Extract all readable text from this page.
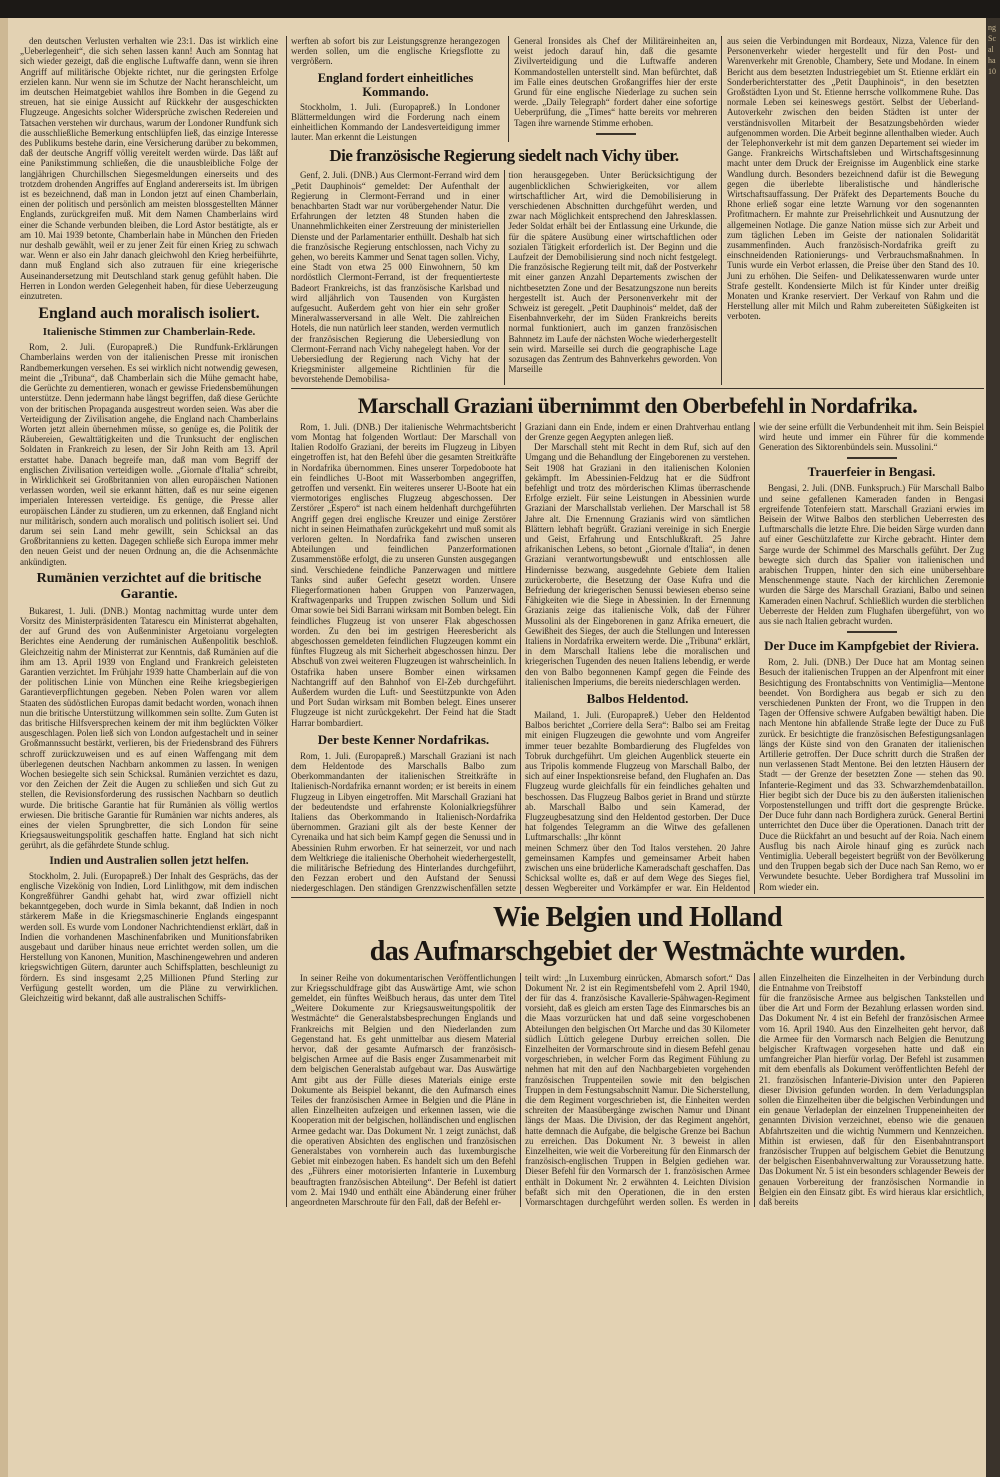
ng Sc al ha 10

den deutschen Verlusten verhalten wie 23:1. Das ist wirklich eine „Ueberlegenheit“, die sich sehen lassen kann! Auch am Sonntag hat sich wieder gezeigt, daß die englische Luftwaffe dann, wenn sie ihren Angriff auf militärische Objekte richtet, nur die geringsten Erfolge erzielen kann. Nur wenn sie im Schutze der Nacht heranschleicht, um im deutschen Heimatgebiet wahllos ihre Bomben in die Gegend zu streuen, hat sie einige Aussicht auf Rückkehr der ausgeschickten Flugzeuge. Angesichts solcher Widersprüche zwischen Redereien und Tatsachen verstehen wir durchaus, warum der Londoner Rundfunk sich die ausschließliche Bemerkung entschlüpfen ließ, das einzige Interesse des Publikums bestehe darin, eine Versicherung darüber zu bekommen, daß der deutsche Angriff völlig vereitelt werden würde. Das läßt auf eine Panikstimmung schließen, die die unausbleibliche Folge der langjährigen Churchillschen Siegesmeldungen einerseits und des trotzdem drohenden Angriffes auf England andererseits ist. Im übrigen ist es bezeichnend, daß man in London jetzt auf einen Chamberlain, einen der politisch und persönlich am meisten blossgestellten Männer Englands, zurückgreifen muß. Mit dem Namen Chamberlains wird einer die Schande verbunden bleiben, die Lord Astor bestätigte, als er am 10. Mai 1939 betonte, Chamberlain habe in München den Frieden nur deshalb gewählt, weil er zu jener Zeit für einen Krieg zu schwach war. Wenn er also ein Jahr danach gleichwohl den Krieg herbeiführte, dann muß England sich also zutrauen für eine kriegerische Auseinandersetzung mit Deutschland stark genug gefühlt haben. Die Herren in London werden Gelegenheit haben, für diese Ueberzeugung einzutreten.

England auch moralisch isoliert.
Italienische Stimmen zur Chamberlain-Rede.

Rom, 2. Juli. (Europapreß.) Die Rundfunk-Erklärungen Chamberlains werden von der italienischen Presse mit ironischen Randbemerkungen versehen. Es sei wirklich nicht notwendig gewesen, meint die „Tribuna“, daß Chamberlain sich die Mühe gemacht habe, die Gerüchte zu dementieren, wonach er gewisse Friedensbemühungen unterstütze. Denn jedermann habe längst begriffen, daß diese Gerüchte von der britischen Propaganda ausgestreut worden seien. Was aber die Verteidigung der Zivilisation angehe, die England nach Chamberlains Worten jetzt allein übernehmen müsse, so genüge es, die Politik der Räubereien, Gewalttätigkeiten und die Trunksucht der englischen Soldaten in Frankreich zu lesen, der Sir John Reith am 13. April erstattet habe. Danach begreife man, daß man vom Begriff der englischen Zivilisation verteidigen wolle. „Giornale d'Italia“ schreibt, in Wirklichkeit sei Großbritannien von allen europäischen Nationen verlassen worden, weil sie erkannt hätten, daß es nur seine eigenen imperialen Interessen verteidige. Es genüge, die Presse aller europäischen Länder zu studieren, um zu erkennen, daß England nicht nur militärisch, sondern auch moralisch und politisch isoliert sei. Und darum sei sein Land mehr gewillt, sein Schicksal an das Großbritanniens zu ketten. Dagegen schließe sich Europa immer mehr den neuen Geist und der neuen Ordnung an, die die Achsenmächte ankündigten.

Rumänien verzichtet auf die britische Garantie.

Bukarest, 1. Juli. (DNB.) Montag nachmittag wurde unter dem Vorsitz des Ministerpräsidenten Tatarescu ein Ministerrat abgehalten, der auf Grund des von Außenminister Argetoianu vorgelegten Berichtes eine Aenderung der rumänischen Außenpolitik beschloß. Gleichzeitig nahm der Ministerrat zur Kenntnis, daß Rumänien auf die ihm am 13. April 1939 von England und Frankreich geleisteten Garantien verzichtet. Im Frühjahr 1939 hatte Chamberlain auf die von der politischen Linie von München eine Reihe kriegsbegierigen Garantieverpflichtungen gegeben. Neben Polen waren vor allem Staaten des südöstlichen Europas damit bedacht worden, wonach ihnen nun die britische Unterstützung willkommen sein sollte. Zum Guten ist das britische Hilfsversprechen keinem der mit ihm beglückten Völker ausgeschlagen. Polen ließ sich von London aufgestachelt und in seiner Großmannssucht bestärkt, verlieren, bis der Friedensbrand des Führers schroff zurückzuweisen und es auf einen Waffengang mit dem überlegenen deutschen Nachbarn ankommen zu lassen. In wenigen Wochen besiegelte sich sein Schicksal. Rumänien verzichtet es dazu, vor den Zeichen der Zeit die Augen zu schließen und sich Gut zu stellen, die Revisionsforderung des russischen Nachbarn so deutlich wurde. Die britische Garantie hat für Rumänien als völlig wertlos erwiesen. Die britische Garantie für Rumänien war nichts anderes, als eines der vielen Sprungbretter, die sich London für seine Kriegsausweitungspolitik geschaffen hatte. England hat sich nicht gerührt, als die gefährdete Stunde schlug.

Indien und Australien sollen jetzt helfen.

Stockholm, 2. Juli. (Europapreß.) Der Inhalt des Gesprächs, das der englische Vizekönig von Indien, Lord Linlithgow, mit dem indischen Kongreßführer Gandhi gehabt hat, wird zwar offiziell nicht bekanntgegeben, doch wurde in Simla bekannt, daß Indien in noch stärkerem Maße in die Kriegsmaschinerie Englands eingespannt werden soll. Es wurde vom Londoner Nachrichtendienst erklärt, daß in Indien die vorhandenen Maschinenfabriken und Munitionsfabriken ausgebaut und darüber hinaus neue errichtet werden sollen, um die Herstellung von Kanonen, Munition, Maschinengewehren und anderen kriegswichtigen Gütern, darunter auch Schiffsplatten, beschleunigt zu fördern. Es sind insgesamt 2,25 Millionen Pfund Sterling zur Verfügung gestellt worden, um die Pläne zu verwirklichen. Gleichzeitig wird bekannt, daß alle australischen Schiffs-

werften ab sofort bis zur Leistungsgrenze herangezogen werden sollen, um die englische Kriegsflotte zu vergrößern.

England fordert einheitliches Kommando.

Stockholm, 1. Juli. (Europapreß.) In Londoner Blättermeldungen wird die Forderung nach einem einheitlichen Kommando der Landesverteidigung immer lauter. Man erkennt die Leistungen

General Ironsides als Chef der Militäreinheiten an, weist jedoch darauf hin, daß die gesamte Zivilverteidigung und die Luftwaffe anderen Kommandostellen unterstellt sind. Man befürchtet, daß im Falle eines deutschen Großangriffes hier der erste Grund für eine englische Niederlage zu suchen sein werde. „Daily Telegraph“ fordert daher eine sofortige Ueberprüfung, die „Times“ hatte bereits vor mehreren Tagen ihre warnende Stimme erhoben.

Die französische Regierung siedelt nach Vichy über.

Genf, 2. Juli. (DNB.) Aus Clermont-Ferrand wird dem „Petit Dauphinois“ gemeldet: Der Aufenthalt der Regierung in Clermont-Ferrand und in einer benachbarten Stadt war nur vorübergehender Natur. Die Erfahrungen der letzten 48 Stunden haben die Unannehmlichkeiten einer Zerstreuung der ministeriellen Dienste und der Parlamentarier enthüllt. Deshalb hat sich die französische Regierung entschlossen, nach Vichy zu gehen, wo bereits Kammer und Senat tagen sollen. Vichy, eine Stadt von etwa 25 000 Einwohnern, 50 km nordöstlich Clermont-Ferrand, ist der frequentierteste Badeort Frankreichs, ist das französische Karlsbad und wird alljährlich von Tausenden von Kurgästen aufgesucht. Außerdem geht von hier ein sehr großer Mineralwasserversand in alle Welt. Die zahlreichen Hotels, die nun natürlich leer standen, werden vermutlich der französischen Regierung die Uebersiedlung von Clermont-Ferrand nach Vichy nahegelegt haben. Vor der Uebersiedlung der Regierung nach Vichy hat der Kriegsminister allgemeine Richtlinien für die bevorstehende Demobilisa-

tion herausgegeben. Unter Berücksichtigung der augenblicklichen Schwierigkeiten, vor allem wirtschaftlicher Art, wird die Demobilisierung in verschiedenen Abschnitten durchgeführt werden, und zwar nach Möglichkeit entsprechend den Jahresklassen. Jeder Soldat erhält bei der Entlassung eine Urkunde, die für die spätere Ausübung einer wirtschaftlichen oder sozialen Tätigkeit erforderlich ist. Der Beginn und die Laufzeit der Demobilisierung sind noch nicht festgelegt. Die französische Regierung teilt mit, daß der Postverkehr mit einer ganzen Anzahl Departements zwischen der nichtbesetzten Zone und der Besatzungszone nun bereits hergestellt ist. Auch der Personenverkehr mit der Schweiz ist geregelt. „Petit Dauphinois“ meldet, daß der Eisenbahnverkehr, der im Süden Frankreichs bereits normal funktioniert, auch im ganzen französischen Bahnnetz im Laufe der nächsten Woche wiederhergestellt sein wird. Marseille sei durch die geographische Lage sozusagen das Zentrum des Bahnverkehrs geworden. Von Marseille

aus seien die Verbindungen mit Bordeaux, Nizza, Valence für den Personenverkehr wieder hergestellt und für den Post- und Warenverkehr mit Grenoble, Chambery, Sete und Modane. In einem Bericht aus dem besetzten Industriegebiet um St. Etienne erklärt ein Sonderberichterstatter des „Petit Dauphinois“, in den besetzten Großstädten Lyon und St. Etienne herrsche vollkommene Ruhe. Das normale Leben sei keineswegs gestört. Selbst der Ueberland-Autoverkehr zwischen den beiden Städten ist unter der verständnisvollen Mitarbeit der Besatzungsbehörden wieder aufgenommen worden. Die Arbeit beginne allenthalben wieder. Auch der Telephonverkehr ist mit dem ganzen Departement sei wieder im Gange. Frankreichs Wirtschaftsleben und Wirtschaftsgesinnung macht unter dem Druck der Ereignisse im Augenblick eine starke Wandlung durch. Besonders bezeichnend dafür ist die Bewegung gegen die überlebte liberalistische und händlerische Wirtschaftsauffassung. Der Präfekt des Departements Bouche du Rhone erließ sogar eine letzte Warnung vor den sogenannten Profitmachern. Er mahnte zur Preisehrlichkeit und Ausnutzung der allgemeinen Notlage. Die ganze Nation müsse sich zur Arbeit und zum täglichen Leben im Geiste der nationalen Solidarität zusammenfinden. Auch französisch-Nordafrika greift zu einschneidenden Rationierungs- und Verbrauchsmaßnahmen. In Tunis wurde ein Verbot erlassen, die Preise über den Stand des 10. Juni zu erhöhen. Die Seifen- und Delikatessenwaren wurde unter Strafe gestellt. Kondensierte Milch ist für Kinder unter dreißig Monaten und Kranke reserviert. Der Verkauf von Rahm und die Herstellung aller mit Milch und Rahm zubereiteten Süßigkeiten ist verboten.

Marschall Graziani übernimmt den Oberbefehl in Nordafrika.

Rom, 1. Juli. (DNB.) Der italienische Wehrmachtsbericht vom Montag hat folgenden Wortlaut: Der Marschall von Italien Rodolfo Graziani, der bereits im Flugzeug in Libyen eingetroffen ist, hat den Befehl über die gesamten Streitkräfte in Nordafrika übernommen. Eines unserer Torpedoboote hat ein feindliches U-Boot mit Wasserbomben angegriffen, getroffen und versenkt. Ein weiteres unserer U-Boote hat ein viermotoriges englisches Flugzeug abgeschossen. Der Zerstörer „Espero“ ist nach einem heldenhaft durchgeführten Angriff gegen drei englische Kreuzer und einige Zerstörer nicht in seinen Heimathafen zurückgekehrt und muß somit als verloren gelten. In Nordafrika fand zwischen unseren Abteilungen und feindlichen Panzerformationen Zusammenstöße erfolgt, die zu unseren Gunsten ausgegangen sind. Verschiedene feindliche Panzerwagen und mittlere Tanks sind außer Gefecht gesetzt worden. Unsere Fliegerformationen haben Gruppen von Panzerwagen, Kraftwagenparks und Truppen zwischen Sollum und Sidi Omar sowie bei Sidi Barrani wirksam mit Bomben belegt. Ein feindliches Flugzeug ist von unserer Flak abgeschossen worden. Zu den bei im gestrigen Heeresbericht als abgeschossen gemeldeten feindlichen Flugzeugen kommt ein fünftes Flugzeug als mit Sicherheit abgeschossen hinzu. Der Abschuß von zwei weiteren Flugzeugen ist wahrscheinlich. In Ostafrika haben unsere Bomber einen wirksamen Nachtangriff auf den Bahnhof von El-Zeb durchgeführt. Außerdem wurden die Luft- und Seestützpunkte von Aden und Port Sudan wirksam mit Bomben belegt. Eines unserer Flugzeuge ist nicht zurückgekehrt. Der Feind hat die Stadt Harrar bombardiert.

Der beste Kenner Nordafrikas.

Rom, 1. Juli. (Europapreß.) Marschall Graziani ist nach dem Heldentode des Marschalls Balbo zum Oberkommandanten der italienischen Streitkräfte in Italienisch-Nordafrika ernannt worden; er ist bereits in einem Flugzeug in Libyen eingetroffen. Mit Marschall Graziani hat der bedeutendste und erfahrenste Kolonialkriegsführer Italiens das Oberkommando in Italienisch-Nordafrika übernommen. Graziani gilt als der beste Kenner der Cyrenaika und hat sich beim Kampf gegen die Senussi und in Abessinien Ruhm erworben. Er hat seinerzeit, vor und nach dem Weltkriege die italienische Oberhoheit wiederhergestellt, die militärische Befriedung des Hinterlandes durchgeführt, den Fezzan erobert und den Aufstand der Senussi niedergeschlagen. Den ständigen Grenzzwischenfällen setzte Graziani dann ein Ende, indem er einen Drahtverhau entlang der Grenze gegen Aegypten anlegen ließ.

Der Marschall steht mit Recht in dem Ruf, sich auf den Umgang und die Behandlung der Eingeborenen zu verstehen. Seit 1908 hat Graziani in den italienischen Kolonien gekämpft. Im Abessinien-Feldzug hat er die Südfront befehligt und trotz des mörderischen Klimas überraschende Erfolge erzielt. Für seine Leistungen in Abessinien wurde Graziani der Marschallstab verliehen. Der Marschall ist 58 Jahre alt. Die Ernennung Grazianis wird von sämtlichen Blättern lebhaft begrüßt. Graziani vereinige in sich Energie und Geist, Erfahrung und Entschlußkraft. 25 Jahre afrikanischen Lebens, so betont „Giornale d'Italia“, in denen Graziani verantwortungsbewußt und entschlossen alle Hindernisse bezwang, ausgedehnte Gebiete dem Italien zurückeroberte, die Besetzung der Oase Kufra und die Befriedung der kriegerischen Senussi bewiesen ebenso seine Fähigkeiten wie die Siege in Abessinien. In der Ernennung Grazianis zeige das italienische Volk, daß der Führer Mussolini als der Eingeborenen in ganz Afrika erneuert, die Gewißheit des Sieges, der auch die Stellungen und Interessen Italiens in Nordafrika erweitern werde. Die „Tribuna“ erklärt, in dem Marschall Italiens lebe die moralischen und kriegerischen Tugenden des neuen Italiens lebendig, er werde den von Balbo begonnenen Kampf gegen die Feinde des italienischen Imperiums, die bereits niederschlagen werden.

Balbos Heldentod.

Mailand, 1. Juli. (Europapreß.) Ueber den Heldentod Balbos berichtet „Corriere della Sera“: Balbo sei am Freitag mit einigen Flugzeugen die gewohnte und vom Angreifer immer teuer bezahlte Bombardierung des Flugfeldes von Tobruk durchgeführt. Um gleichen Augenblick steuerte ein aus Tripolis kommende Flugzeug von Marschall Balbo, der sich auf einer Inspektionsreise befand, den Flughafen an. Das Flugzeug wurde gleichfalls für ein feindliches gehalten und beschossen. Das Flugzeug Balbos geriet in Brand und stürzte ab. Marschall Balbo und sein Kamerad, der Flugzeugbesatzung sind den Heldentod gestorben. Der Duce hat folgendes Telegramm an die Witwe des gefallenen Luftmarschalls: „Ihr könnt

meinen Schmerz über den Tod Italos verstehen. 20 Jahre gemeinsamen Kampfes und gemeinsamer Arbeit haben zwischen uns eine brüderliche Kameradschaft geschaffen. Das Schicksal wollte es, daß er auf dem Wege des Sieges fiel, dessen Wegbereiter und Vorkämpfer er war. Ein Heldentod wie der seine erfüllt die Verbundenheit mit ihm. Sein Beispiel wird heute und immer ein Führer für die kommende Generation des Siktorenbündels sein. Mussolini.“

Trauerfeier in Bengasi.

Bengasi, 2. Juli. (DNB. Funkspruch.) Für Marschall Balbo und seine gefallenen Kameraden fanden in Bengasi ergreifende Totenfeiern statt. Marschall Graziani erwies im Beisein der Witwe Balbos den sterblichen Ueberresten des Luftmarschalls die letzte Ehre. Die beiden Särge wurden dann auf einer Geschützlafette zur Kirche gebracht. Hinter dem Sarge wurde der Schimmel des Marschalls geführt. Der Zug bewegte sich durch das Spalier von italienischen und arabischen Truppen, hinter den sich eine unübersehbare Menschenmenge staute. Nach der kirchlichen Zeremonie wurden die Särge des Marschall Graziani, Balbo und seinen Kameraden einen Nachruf. Schließlich wurden die sterblichen Ueberreste der Helden zum Flughafen übergeführt, von wo aus sie nach Italien gebracht wurden.

Der Duce im Kampfgebiet der Riviera.

Rom, 2. Juli. (DNB.) Der Duce hat am Montag seinen Besuch der italienischen Truppen an der Alpenfront mit einer Besichtigung des Frontabschnitts von Ventimiglia—Mentone beendet. Von Bordighera aus begab er sich zu den verschiedenen Punkten der Front, wo die Truppen in den Tagen der Offensive schwere Aufgaben bewältigt haben. Die nach Mentone hin abfallende Straße legte der Duce zu Fuß zurück. Er besichtigte die französischen Befestigungsanlagen längs der Küste sind von den Granaten der italienischen Artillerie getroffen. Der Duce schritt durch die Straßen der nun verlassenen Stadt Mentone. Bei den letzten Häusern der Stadt — der Grenze der besetzten Zone — stehen das 90. Infanterie-Regiment und das 33. Schwarzhemdenbataillon. Hier begibt sich der Duce bis zu den äußersten italienischen Vorpostenstellungen und trifft dort die gesprengte Brücke. Der Duce fuhr dann nach Bordighera zurück. General Bertini unterrichtet den Duce über die Operationen. Danach tritt der Duce die Rückfahrt an und besucht auf der Roia. Nach einem Ausflug bis nach Airole hinauf ging es zurück nach Ventimiglia. Ueberall begeistert begrüßt von der Bevölkerung und den Truppen begab sich der Duce nach San Remo, wo er Verwundete besuchte. Ueber Bordighera traf Mussolini im Rom wieder ein.

Wie Belgien und Holland
das Aufmarschgebiet der Westmächte wurden.

In seiner Reihe von dokumentarischen Veröffentlichungen zur Kriegsschuldfrage gibt das Auswärtige Amt, wie schon gemeldet, ein fünftes Weißbuch heraus, das unter dem Titel „Weitere Dokumente zur Kriegsausweitungspolitik der Westmächte“ die Generalstabsbesprechungen Englands und Frankreichs mit Belgien und den Niederlanden zum Gegenstand hat. Es geht unmittelbar aus diesem Material hervor, daß der gesamte Aufmarsch der französisch-belgischen Armee auf die Basis enger Zusammenarbeit mit dem belgischen Generalstab aufgebaut war. Das Auswärtige Amt gibt aus der Fülle dieses Materials einige erste Dokumente als Beispiel bekannt, die den Aufmarsch eines Teiles der französischen Armee in Belgien und die Pläne in allen Einzelheiten aufzeigen und erkennen lassen, wie die Kooperation mit der belgischen, holländischen und englischen Armee gedacht war. Das Dokument Nr. 1 zeigt zunächst, daß die operativen Absichten des englischen und französischen Generalstabes von vornherein auch das luxemburgische Gebiet mit einbezogen haben. Es handelt sich um den Befehl des „Führers einer motorisierten Infanterie in Luxemburg beauftragten französischen Abteilung“. Der Befehl ist datiert vom 2. Mai 1940 und enthält eine Abänderung einer früher angeordneten Marschroute für den Fall, daß der Befehl er-

teilt wird: „In Luxemburg einrücken, Abmarsch sofort.“ Das Dokument Nr. 2 ist ein Regimentsbefehl vom 2. April 1940, der für das 4. französische Kavallerie-Spähwagen-Regiment vorsieht, daß es gleich am ersten Tage des Einmarsches bis an die Maas vorzurücken hat und daß seine vorgeschobenen Abteilungen den belgischen Ort Marche und das 30 Kilometer südlich Lüttich gelegene Durbuy erreichen sollen. Die Einzelheiten der Vormarschroute sind in diesem Befehl genau vorgeschrieben, in welcher Form das Regiment Fühlung zu nehmen hat mit den auf den Nachbargebieten vorgehenden französischen Truppenteilen sowie mit den belgischen Truppen in dem Festungsabschnitt Namur. Die Sicherstellung, die dem Regiment vorgeschrieben ist, die Einheiten werden schreiten der Maasübergänge zwischen Namur und Dinant längs der Maas. Die Division, der das Regiment angehört, hatte demnach die Aufgabe, die belgische Grenze bei Bachun zu erreichen. Das Dokument Nr. 3 beweist in allen Einzelheiten, wie weit die Vorbereitung für den Einmarsch der französisch-englischen Truppen in Belgien gediehen war. Dieser Befehl für den Vormarsch der 1. französischen Armee enthält in Dokument Nr. 2 erwähnten 4. Leichten Division befaßt sich mit den Operationen, die in den ersten Vormarschtagen durchgeführt werden sollen. Es werden in allen Einzelheiten die Einzelheiten in der Verbindung durch die Entnahme von Treibstoff

für die französische Armee aus belgischen Tankstellen und über die Art und Form der Bezahlung erlassen worden sind. Das Dokument Nr. 4 ist ein Befehl der französischen Armee vom 16. April 1940. Aus den Einzelheiten geht hervor, daß die Armee für den Vormarsch nach Belgien die Benutzung belgischer Kraftwagen vorgesehen hatte und daß ein umfangreicher Plan hierfür vorlag. Der Befehl ist zusammen mit dem ebenfalls als Dokument veröffentlichten Befehl der 21. französischen Infanterie-Division unter den Papieren dieser Division gefunden worden. In dem Verladungsplan sollen die Einzelheiten über die belgischen Verbindungen und ein genaue Verladeplan der einzelnen Truppeneinheiten der genannten Division verzeichnet, ebenso wie die genauen Abfahrtszeiten und die wichtig Nummern und Kennzeichen. Mithin ist erwiesen, daß für den Eisenbahntransport französischer Truppen auf belgischem Gebiet die Benutzung der belgischen Eisenbahnverwaltung zur Voraussetzung hatte. Das Dokument Nr. 5 ist ein besonders schlagender Beweis der genauen Vorbereitung der französischen Normandie in Belgien ein den Einsatz gibt. Es wird hieraus klar ersichtlich, daß bereits
